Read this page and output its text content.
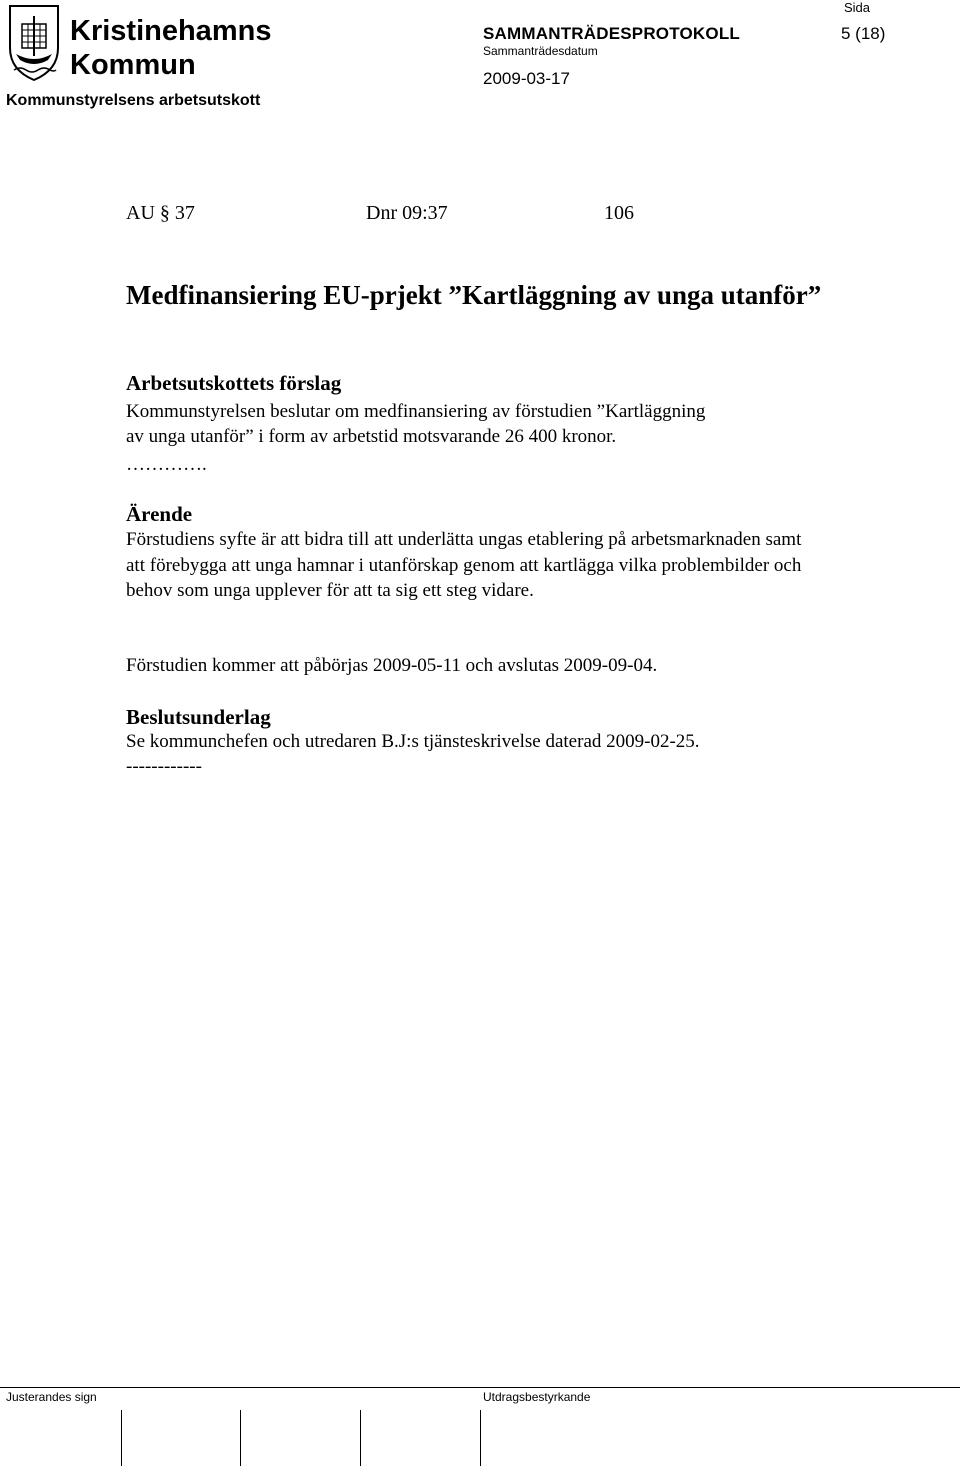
Kristinehamns
Kommun
Sida
SAMMANTRÄDESPROTOKOLL	5 (18)
Sammanträdesdatum
2009-03-17
Kommunstyrelsens arbetsutskott
AU § 37	Dnr 09:37	106
Medfinansiering EU-prjekt ”Kartläggning av unga utanför”
Arbetsutskottets förslag
Kommunstyrelsen beslutar om medfinansiering av förstudien ”Kartläggning
av unga utanför” i form av arbetstid motsvarande 26 400 kronor.
………….
Ärende
Förstudiens syfte är att bidra till att underlätta ungas etablering på arbetsmarknaden samt att förebygga att unga hamnar i utanförskap genom att kartlägga vilka problembilder och behov som unga upplever för att ta sig ett steg vidare.
Förstudien kommer att påbörjas 2009-05-11 och avslutas 2009-09-04.
Beslutsunderlag
Se kommunchefen och utredaren B.J:s tjänsteskrivelse daterad 2009-02-25.
------------
Justerandes sign	Utdragsbestyrkande
